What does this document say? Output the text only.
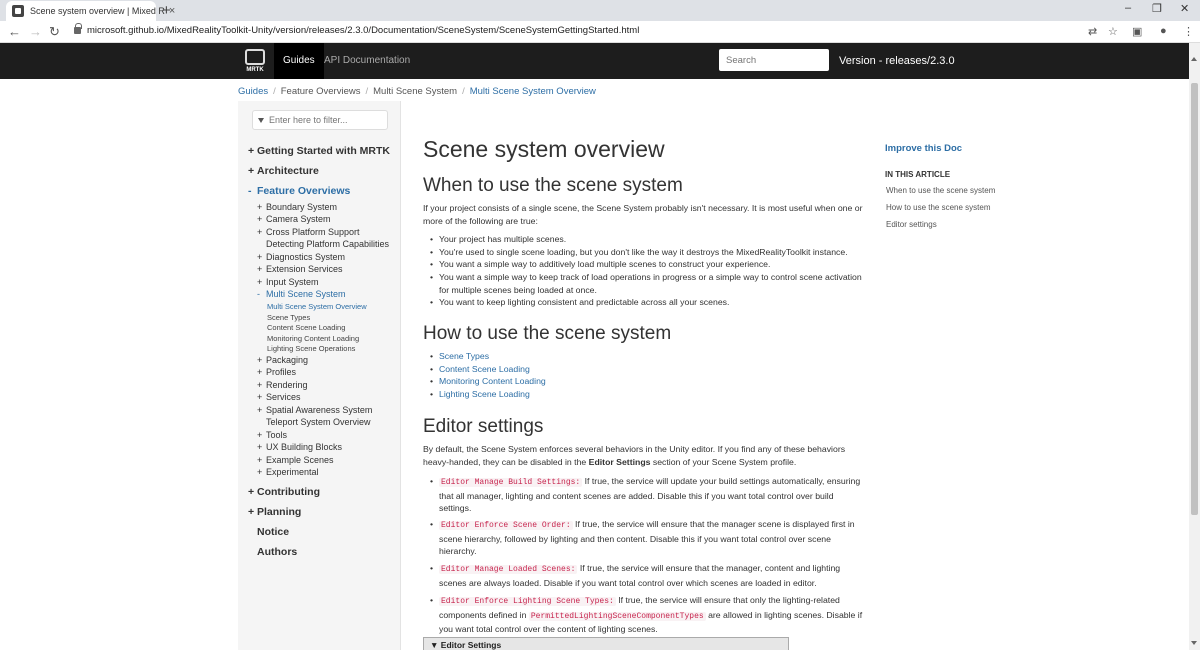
Scene system overview | Mixed R ×
+	– ❐ ✕
← → ↻	microsoft.github.io/MixedRealityToolkit-Unity/version/releases/2.3.0/Documentation/SceneSystem/SceneSystemGettingStarted.html	⇄ ☆ ▣ ● ⋮
MRTK
Guides API Documentation
Search	Version - releases/2.3.0
Guides / Feature Overviews / Multi Scene System / Multi Scene System Overview
Enter here to filter...
+ Getting Started with MRTK
+ Architecture
- Feature Overviews
+ Boundary System
+ Camera System
+ Cross Platform Support
Detecting Platform Capabilities
+ Diagnostics System
+ Extension Services
+ Input System
- Multi Scene System
Multi Scene System Overview
Scene Types
Content Scene Loading
Monitoring Content Loading
Lighting Scene Operations
+ Packaging
+ Profiles
+ Rendering
+ Services
+ Spatial Awareness System
Teleport System Overview
+ Tools
+ UX Building Blocks
+ Example Scenes
+ Experimental
+ Contributing
+ Planning
Notice
Authors
Scene system overview
When to use the scene system

If your project consists of a single scene, the Scene System probably isn't necessary. It is most useful when one or more of the following are true:

• Your project has multiple scenes.
• You're used to single scene loading, but you don't like the way it destroys the MixedRealityToolkit instance.
• You want a simple way to additively load multiple scenes to construct your experience.
• You want a simple way to keep track of load operations in progress or a simple way to control scene activation for multiple scenes being loaded at once.
• You want to keep lighting consistent and predictable across all your scenes.
How to use the scene system
• Scene Types
• Content Scene Loading
• Monitoring Content Loading
• Lighting Scene Loading
Editor settings

By default, the Scene System enforces several behaviors in the Unity editor. If you find any of these behaviors heavy-handed, they can be disabled in the Editor Settings section of your Scene System profile.

• Editor Manage Build Settings: If true, the service will update your build settings automatically, ensuring that all manager, lighting and content scenes are added. Disable this if you want total control over build settings.
• Editor Enforce Scene Order: If true, the service will ensure that the manager scene is displayed first in scene hierarchy, followed by lighting and then content. Disable this if you want total control over scene hierarchy.
• Editor Manage Loaded Scenes: If true, the service will ensure that the manager, content and lighting scenes are always loaded. Disable if you want total control over which scenes are loaded in editor.
• Editor Enforce Lighting Scene Types: If true, the service will ensure that only the lighting-related components defined in PermittedLightingSceneComponentTypes are allowed in lighting scenes. Disable if you want total control over the content of lighting scenes.
▼ Editor Settings
Improve this Doc
IN THIS ARTICLE
When to use the scene system
How to use the scene system
Editor settings
